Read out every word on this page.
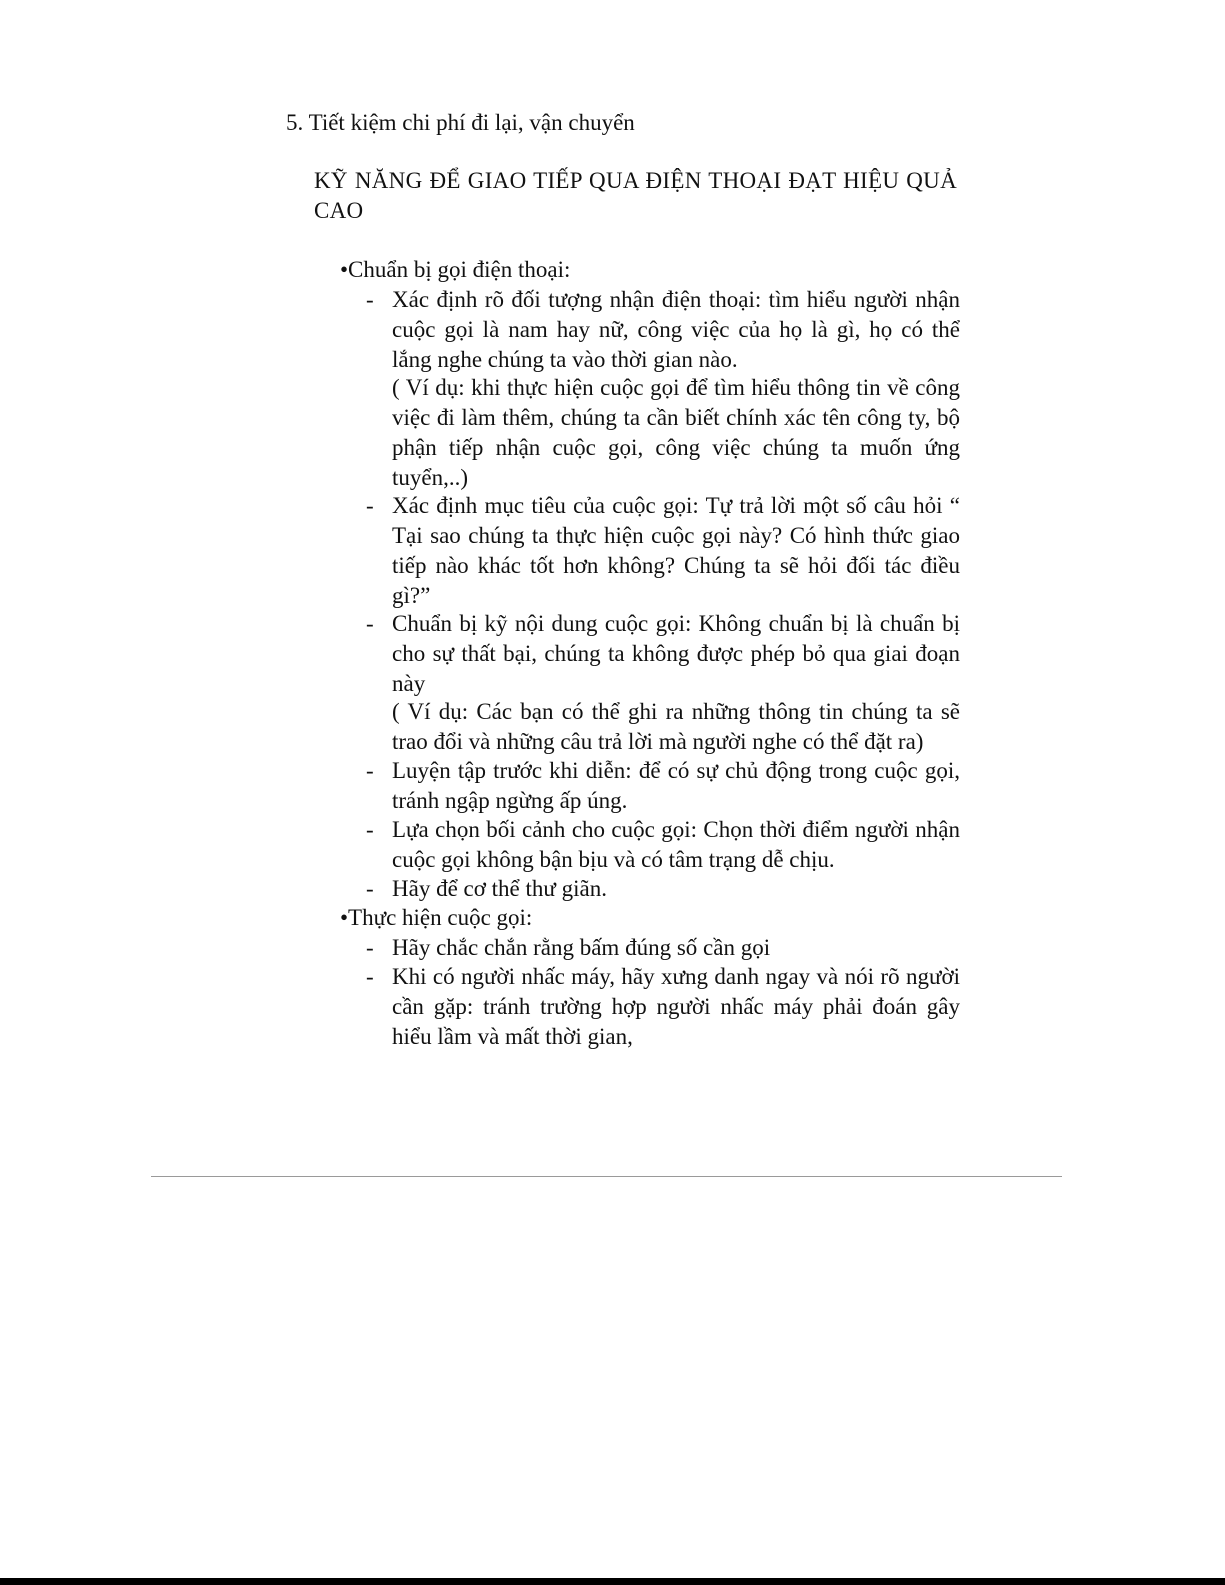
5. Tiết kiệm chi phí đi lại, vận chuyển
KỸ NĂNG ĐỂ GIAO TIẾP QUA ĐIỆN THOẠI ĐẠT HIỆU QUẢ CAO
•Chuẩn bị gọi điện thoại:
- Xác định rõ đối tượng nhận điện thoại: tìm hiểu người nhận cuộc gọi là nam hay nữ, công việc của họ là gì, họ có thể lắng nghe chúng ta vào thời gian nào.
( Ví dụ: khi thực hiện cuộc gọi để tìm hiểu thông tin về công việc đi làm thêm, chúng ta cần biết chính xác tên công ty, bộ phận tiếp nhận cuộc gọi, công việc chúng ta muốn ứng tuyển,..)
- Xác định mục tiêu của cuộc gọi: Tự trả lời một số câu hỏi “ Tại sao chúng ta thực hiện cuộc gọi này? Có hình thức giao tiếp nào khác tốt hơn không? Chúng ta sẽ hỏi đối tác điều gì?”
- Chuẩn bị kỹ nội dung cuộc gọi: Không chuẩn bị là chuẩn bị cho sự thất bại, chúng ta không được phép bỏ qua giai đoạn này
( Ví dụ: Các bạn có thể ghi ra những thông tin chúng ta sẽ trao đổi và những câu trả lời mà người nghe có thể đặt ra)
- Luyện tập trước khi diễn: để có sự chủ động trong cuộc gọi, tránh ngập ngừng ấp úng.
- Lựa chọn bối cảnh cho cuộc gọi: Chọn thời điểm người nhận cuộc gọi không bận bịu và có tâm trạng dễ chịu.
- Hãy để cơ thể thư giãn.
•Thực hiện cuộc gọi:
- Hãy chắc chắn rằng bấm đúng số cần gọi
- Khi có người nhấc máy, hãy xưng danh ngay và nói rõ người cần gặp: tránh trường hợp người nhấc máy phải đoán gây hiểu lầm và mất thời gian,
